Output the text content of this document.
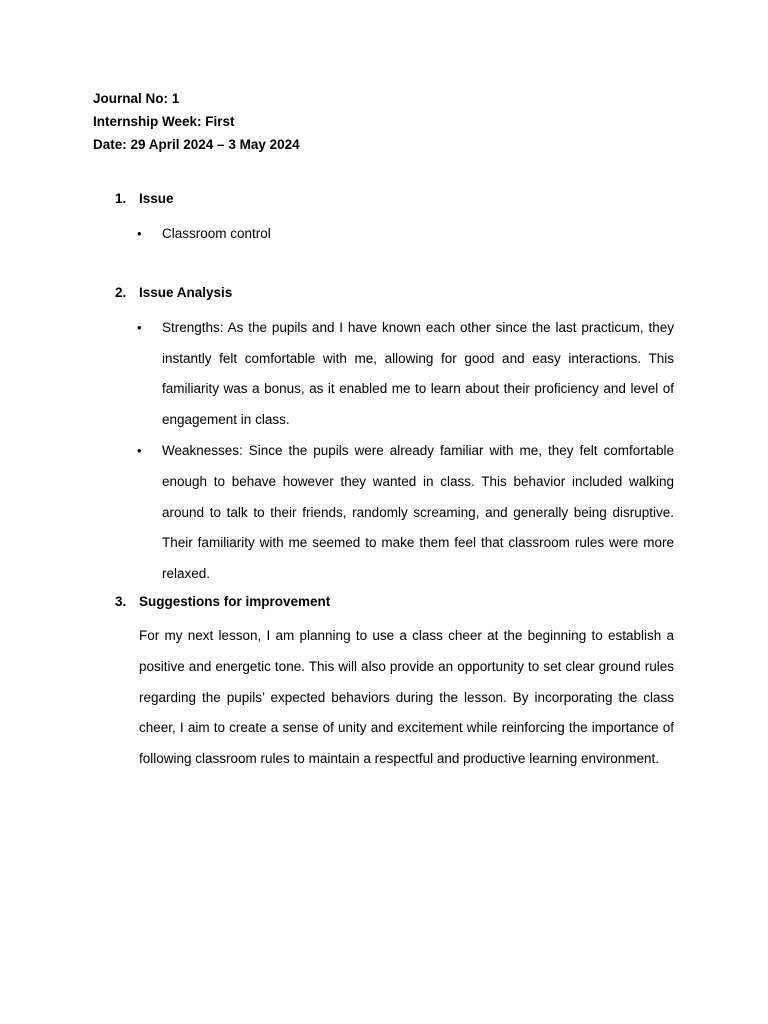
Journal No: 1
Internship Week: First
Date: 29 April 2024 – 3 May 2024
1. Issue
• Classroom control
2. Issue Analysis
• Strengths: As the pupils and I have known each other since the last practicum, they instantly felt comfortable with me, allowing for good and easy interactions. This familiarity was a bonus, as it enabled me to learn about their proficiency and level of engagement in class.
• Weaknesses: Since the pupils were already familiar with me, they felt comfortable enough to behave however they wanted in class. This behavior included walking around to talk to their friends, randomly screaming, and generally being disruptive. Their familiarity with me seemed to make them feel that classroom rules were more relaxed.
3. Suggestions for improvement
For my next lesson, I am planning to use a class cheer at the beginning to establish a positive and energetic tone. This will also provide an opportunity to set clear ground rules regarding the pupils’ expected behaviors during the lesson. By incorporating the class cheer, I aim to create a sense of unity and excitement while reinforcing the importance of following classroom rules to maintain a respectful and productive learning environment.
